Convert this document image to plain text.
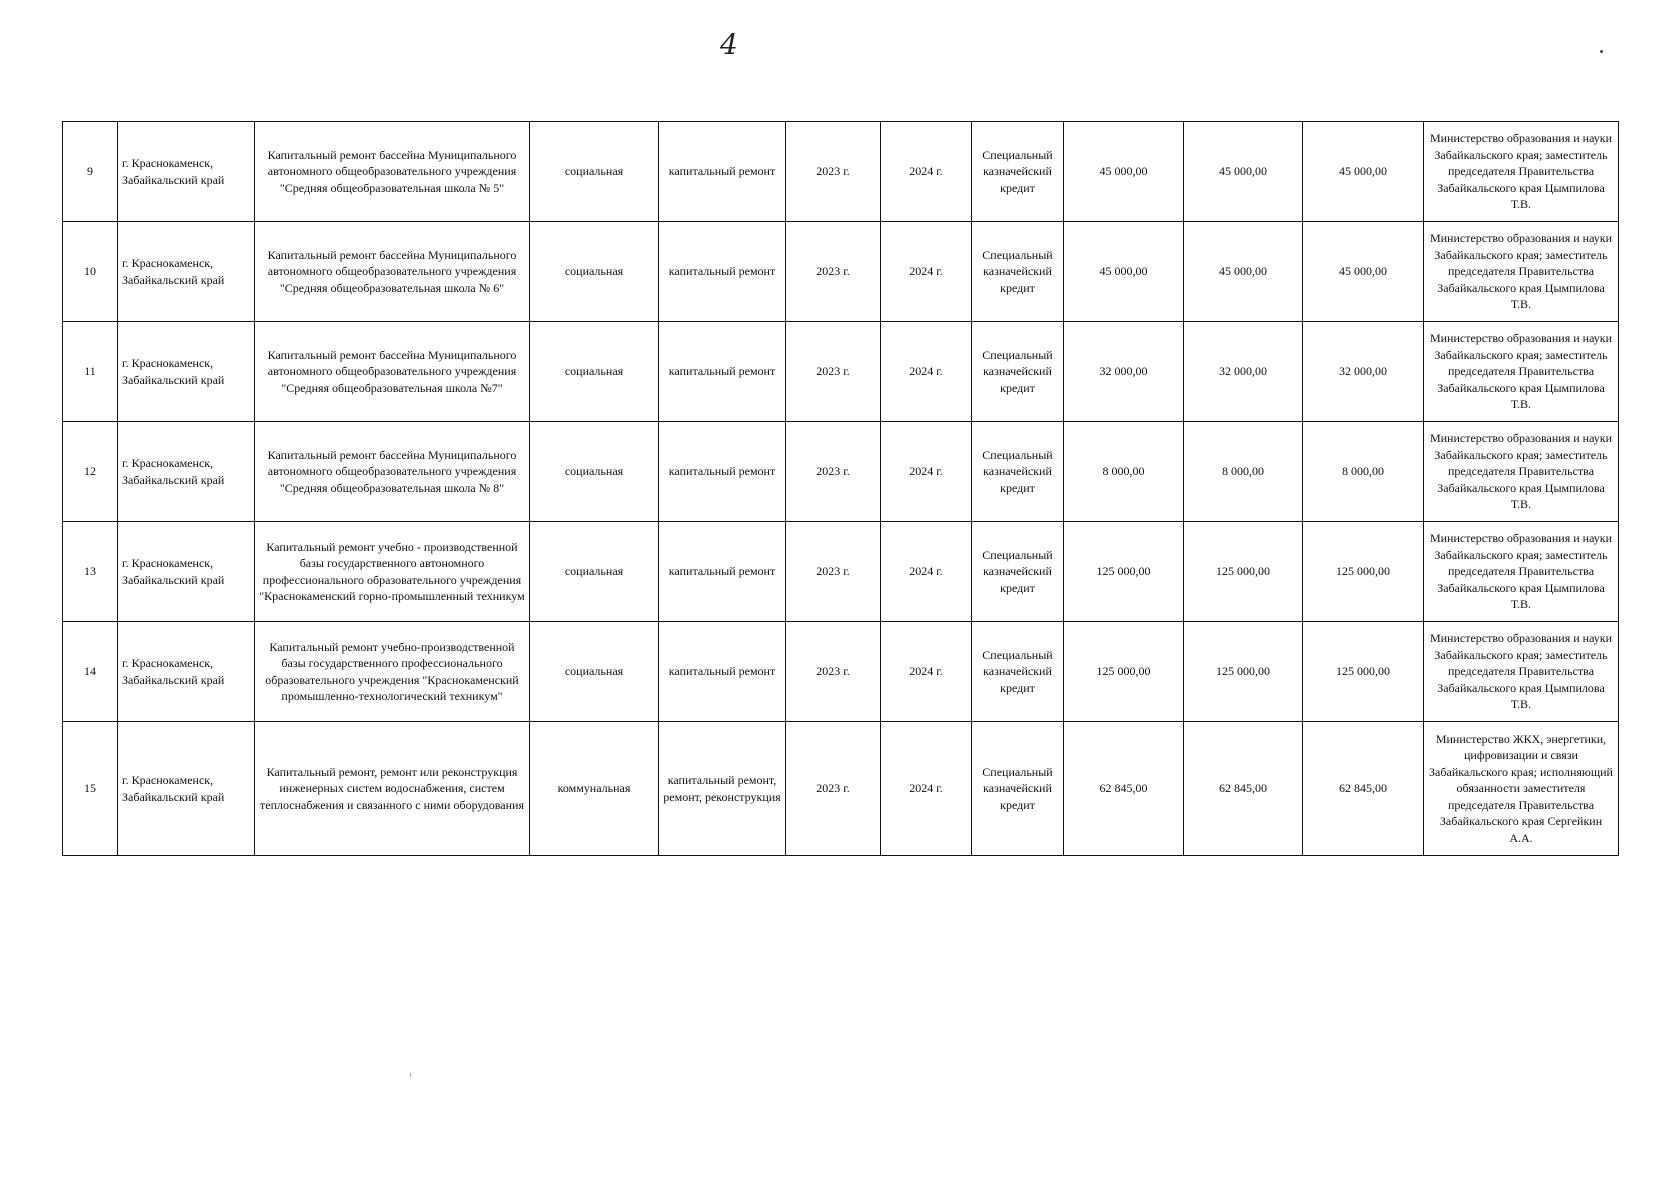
4
9	г. Краснокаменск, Забайкальский край	Капитальный ремонт бассейна Муниципального автономного общеобразовательного учреждения "Средняя общеобразовательная школа № 5"	социальная	капитальный ремонт	2023 г.	2024 г.	Специальный казначейский кредит	45 000,00	45 000,00	45 000,00	Министерство образования и науки Забайкальского края; заместитель председателя Правительства Забайкальского края Цымпилова Т.В.
10	г. Краснокаменск, Забайкальский край	Капитальный ремонт бассейна Муниципального автономного общеобразовательного учреждения "Средняя общеобразовательная школа № 6"	социальная	капитальный ремонт	2023 г.	2024 г.	Специальный казначейский кредит	45 000,00	45 000,00	45 000,00	Министерство образования и науки Забайкальского края; заместитель председателя Правительства Забайкальского края Цымпилова Т.В.
11	г. Краснокаменск, Забайкальский край	Капитальный ремонт бассейна Муниципального автономного общеобразовательного учреждения "Средняя общеобразовательная школа №7"	социальная	капитальный ремонт	2023 г.	2024 г.	Специальный казначейский кредит	32 000,00	32 000,00	32 000,00	Министерство образования и науки Забайкальского края; заместитель председателя Правительства Забайкальского края Цымпилова Т.В.
12	г. Краснокаменск, Забайкальский край	Капитальный ремонт бассейна Муниципального автономного общеобразовательного учреждения "Средняя общеобразовательная школа № 8"	социальная	капитальный ремонт	2023 г.	2024 г.	Специальный казначейский кредит	8 000,00	8 000,00	8 000,00	Министерство образования и науки Забайкальского края; заместитель председателя Правительства Забайкальского края Цымпилова Т.В.
13	г. Краснокаменск, Забайкальский край	Капитальный ремонт учебно - производственной базы государственного автономного профессионального образовательного учреждения "Краснокаменский горно-промышленный техникум	социальная	капитальный ремонт	2023 г.	2024 г.	Специальный казначейский кредит	125 000,00	125 000,00	125 000,00	Министерство образования и науки Забайкальского края; заместитель председателя Правительства Забайкальского края Цымпилова Т.В.
14	г. Краснокаменск, Забайкальский край	Капитальный ремонт учебно-производственной базы государственного профессионального образовательного учреждения "Краснокаменский промышленно-технологический техникум"	социальная	капитальный ремонт	2023 г.	2024 г.	Специальный казначейский кредит	125 000,00	125 000,00	125 000,00	Министерство образования и науки Забайкальского края; заместитель председателя Правительства Забайкальского края Цымпилова Т.В.
15	г. Краснокаменск, Забайкальский край	Капитальный ремонт, ремонт или реконструкция инженерных систем водоснабжения, систем теплоснабжения и связанного с ними оборудования	коммунальная	капитальный ремонт, ремонт, реконструкция	2023 г.	2024 г.	Специальный казначейский кредит	62 845,00	62 845,00	62 845,00	Министерство ЖКХ, энергетики, цифровизации и связи Забайкальского края; исполняющий обязанности заместителя председателя Правительства Забайкальского края Сергейкин А.А.
